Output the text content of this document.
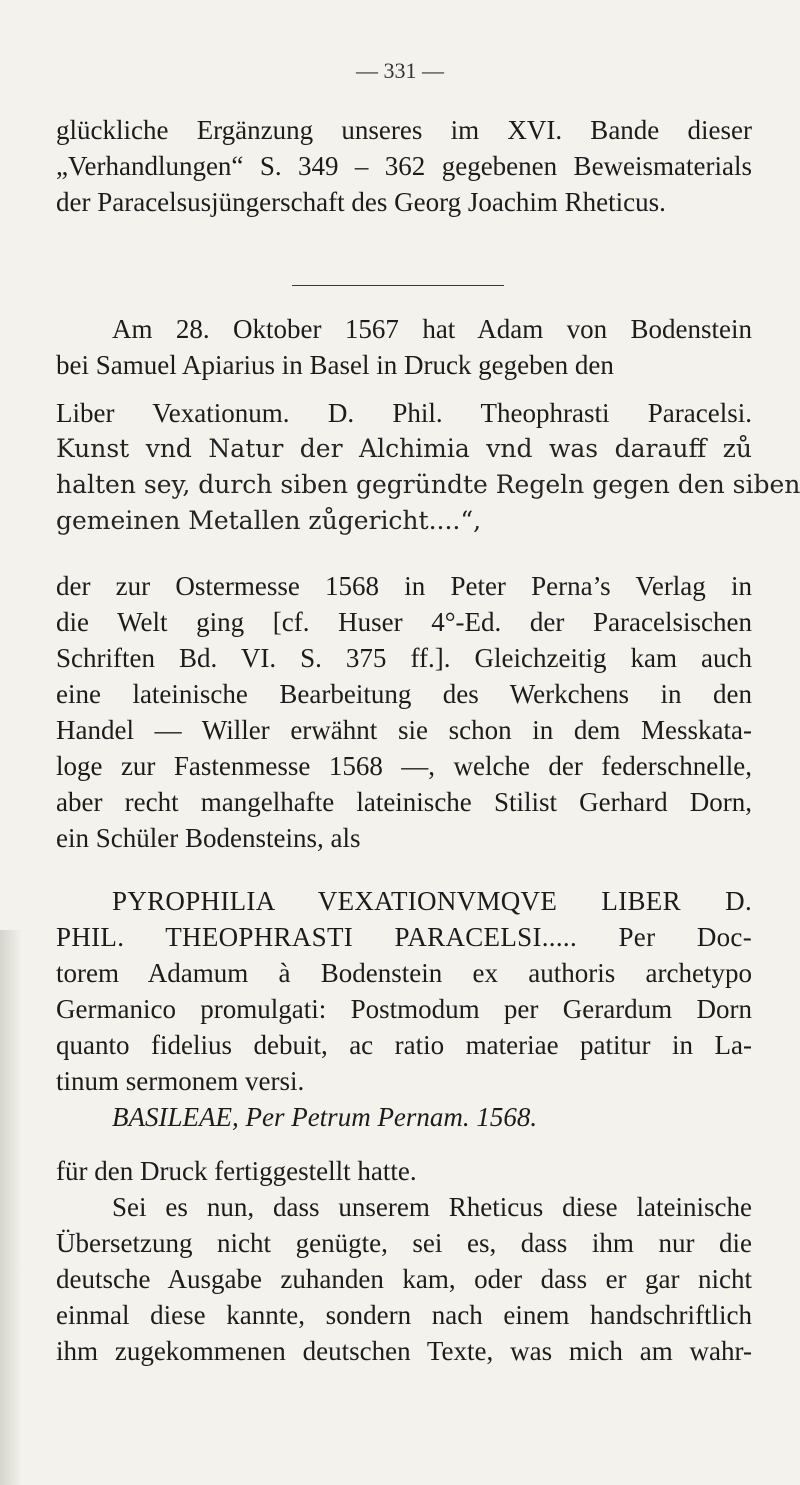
— 331 —
glückliche Ergänzung unseres im XVI. Bande dieser
„Verhandlungen“ S. 349 – 362 gegebenen Beweismaterials
der Paracelsusjüngerschaft des Georg Joachim Rheticus.
Am 28. Oktober 1567 hat Adam von Bodenstein
bei Samuel Apiarius in Basel in Druck gegeben den
Liber Vexationum. D. Phil. Theophrasti Paracelsi.
Kunst vnd Natur der Alchimia vnd was darauff zů
halten sey, durch siben gegründte Regeln gegen den siben
gemeinen Metallen zůgericht....“,
der zur Ostermesse 1568 in Peter Perna’s Verlag in
die Welt ging [cf. Huser 4°-Ed. der Paracelsischen
Schriften Bd. VI. S. 375 ff.]. Gleichzeitig kam auch
eine lateinische Bearbeitung des Werkchens in den
Handel — Willer erwähnt sie schon in dem Messkata-
loge zur Fastenmesse 1568 —, welche der federschnelle,
aber recht mangelhafte lateinische Stilist Gerhard Dorn,
ein Schüler Bodensteins, als
PYROPHILIA VEXATIONVMQVE LIBER D.
PHIL. THEOPHRASTI PARACELSI..... Per Doc-
torem Adamum à Bodenstein ex authoris archetypo
Germanico promulgati: Postmodum per Gerardum Dorn
quanto fidelius debuit, ac ratio materiae patitur in La-
tinum sermonem versi.
BASILEAE, Per Petrum Pernam. 1568.
für den Druck fertiggestellt hatte.
Sei es nun, dass unserem Rheticus diese lateinische
Übersetzung nicht genügte, sei es, dass ihm nur die
deutsche Ausgabe zuhanden kam, oder dass er gar nicht
einmal diese kannte, sondern nach einem handschriftlich
ihm zugekommenen deutschen Texte, was mich am wahr-
